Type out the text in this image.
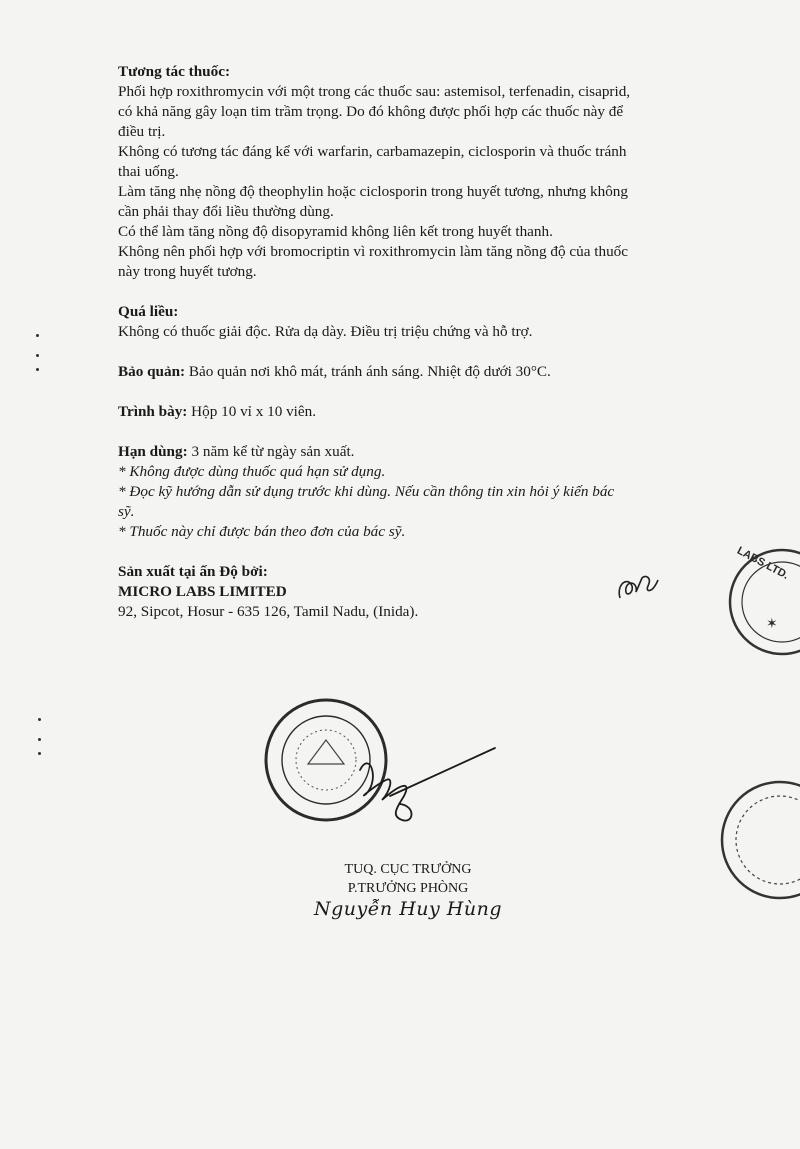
Tương tác thuốc:

Phối hợp roxithromycin với một trong các thuốc sau: astemisol, terfenadin, cisaprid,

có khả năng gây loạn tim trầm trọng. Do đó không được phối hợp các thuốc này để

điều trị.

Không có tương tác đáng kể với warfarin, carbamazepin, ciclosporin và thuốc tránh

thai uống.

Làm tăng nhẹ nồng độ theophylin hoặc ciclosporin trong huyết tương, nhưng không

cần phải thay đổi liều thường dùng.

Có thể làm tăng nồng độ disopyramid không liên kết trong huyết thanh.

Không nên phối hợp với bromocriptin vì roxithromycin làm tăng nồng độ của thuốc

này trong huyết tương.

Quá liều:

Không có thuốc giải độc. Rửa dạ dày. Điều trị triệu chứng và hỗ trợ.

Bảo quản: Bảo quản nơi khô mát, tránh ánh sáng. Nhiệt độ dưới 30°C.

Trình bày: Hộp 10 vỉ x 10 viên.

Hạn dùng: 3 năm kể từ ngày sản xuất.

* Không được dùng thuốc quá hạn sử dụng.

* Đọc kỹ hướng dẫn sử dụng trước khi dùng. Nếu cần thông tin xin hỏi ý kiến bác

sỹ.

* Thuốc này chỉ được bán theo đơn của bác sỹ.

Sản xuất tại ấn Độ bởi:

MICRO LABS LIMITED

92, Sipcot, Hosur - 635 126, Tamil Nadu, (Inida).

LABS LTD.
✶
TUQ. CỤC TRƯỞNG
P.TRƯỞNG PHÒNG
Nguyễn Huy Hùng
